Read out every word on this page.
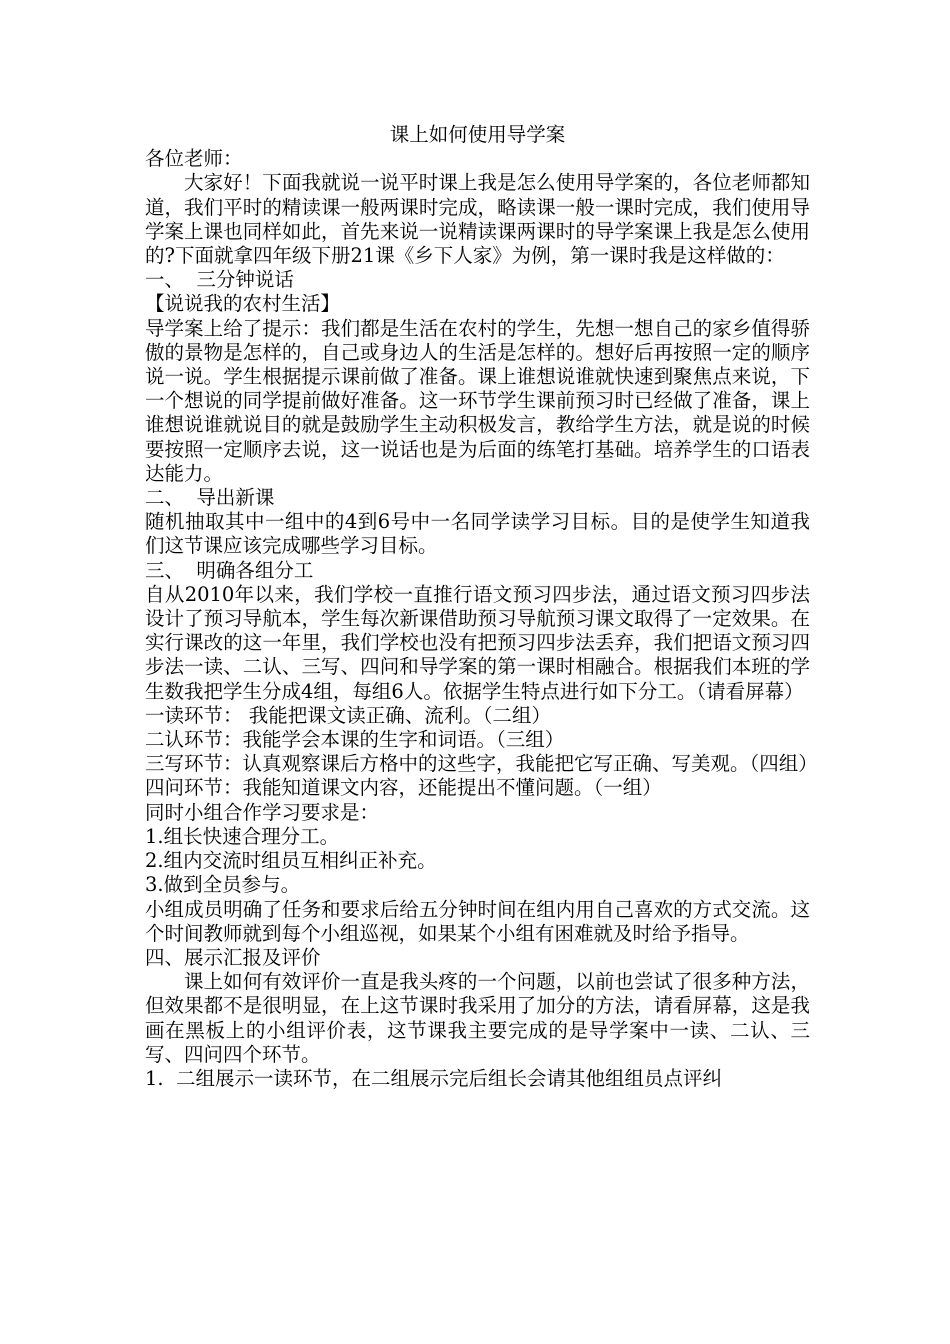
课上如何使用导学案

各位老师：

大家好！下面我就说一说平时课上我是怎么使用导学案的，各位老师都知道，我们平时的精读课一般两课时完成，略读课一般一课时完成，我们使用导学案上课也同样如此，首先来说一说精读课两课时的导学案课上我是怎么使用的?下面就拿四年级下册21课《乡下人家》为例，第一课时我是这样做的：

一、  三分钟说话

【说说我的农村生活】

导学案上给了提示：我们都是生活在农村的学生，先想一想自己的家乡值得骄傲的景物是怎样的，自己或身边人的生活是怎样的。想好后再按照一定的顺序说一说。学生根据提示课前做了准备。课上谁想说谁就快速到聚焦点来说，下一个想说的同学提前做好准备。这一环节学生课前预习时已经做了准备，课上谁想说谁就说目的就是鼓励学生主动积极发言，教给学生方法，就是说的时候要按照一定顺序去说，这一说话也是为后面的练笔打基础。培养学生的口语表达能力。

二、  导出新课

随机抽取其中一组中的4到6号中一名同学读学习目标。目的是使学生知道我们这节课应该完成哪些学习目标。

三、  明确各组分工

自从2010年以来，我们学校一直推行语文预习四步法，通过语文预习四步法设计了预习导航本，学生每次新课借助预习导航预习课文取得了一定效果。在实行课改的这一年里，我们学校也没有把预习四步法丢弃，我们把语文预习四步法一读、二认、三写、四问和导学案的第一课时相融合。根据我们本班的学生数我把学生分成4组，每组6人。依据学生特点进行如下分工。（请看屏幕）

一读环节： 我能把课文读正确、流利。（二组）

二认环节：我能学会本课的生字和词语。（三组）

三写环节：认真观察课后方格中的这些字，我能把它写正确、写美观。（四组）

四问环节：我能知道课文内容，还能提出不懂问题。（一组）

同时小组合作学习要求是：

1.组长快速合理分工。

2.组内交流时组员互相纠正补充。

3.做到全员参与。

小组成员明确了任务和要求后给五分钟时间在组内用自己喜欢的方式交流。这个时间教师就到每个小组巡视，如果某个小组有困难就及时给予指导。

四、展示汇报及评价

课上如何有效评价一直是我头疼的一个问题，以前也尝试了很多种方法，但效果都不是很明显，在上这节课时我采用了加分的方法，请看屏幕，这是我画在黑板上的小组评价表，这节课我主要完成的是导学案中一读、二认、三写、四问四个环节。

1.  二组展示一读环节，在二组展示完后组长会请其他组组员点评纠
